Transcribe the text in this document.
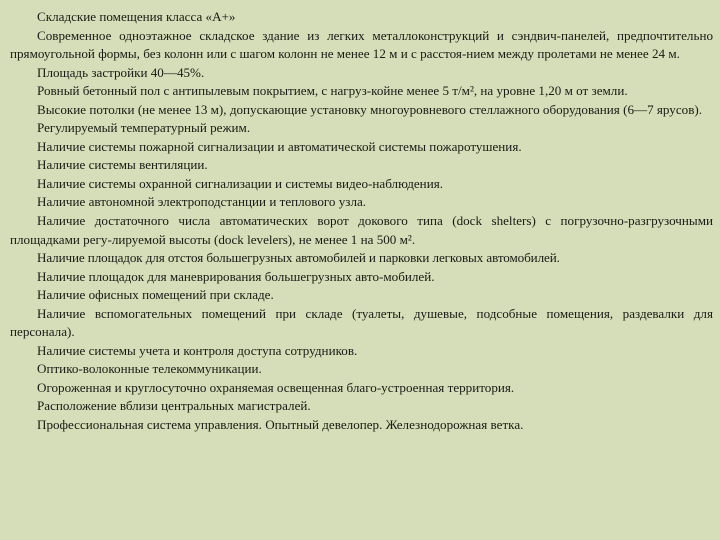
Складские помещения класса «А+»

Современное одноэтажное складское здание из легких металлоконструкций и сэндвич-панелей, предпочтительно прямоугольной формы, без колонн или с шагом колонн не менее 12 м и с расстоя-нием между пролетами не менее 24 м.

Площадь застройки 40—45%.

Ровный бетонный пол с антипылевым покрытием, с нагруз-койне менее 5 т/м², на уровне 1,20 м от земли.

Высокие потолки (не менее 13 м), допускающие установку многоуровневого стеллажного оборудования (6—7 ярусов).

Регулируемый температурный режим.

Наличие системы пожарной сигнализации и автоматической системы пожаротушения.

Наличие системы вентиляции.

Наличие системы охранной сигнализации и системы видео-наблюдения.

Наличие автономной электроподстанции и теплового узла.

Наличие достаточного числа автоматических ворот докового типа (dock shelters) с погрузочно-разгрузочными площадками регу-лируемой высоты (dock levelers), не менее 1 на 500 м².

Наличие площадок для отстоя большегрузных автомобилей и парковки легковых автомобилей.

Наличие площадок для маневрирования большегрузных авто-мобилей.

Наличие офисных помещений при складе.

Наличие вспомогательных помещений при складе (туалеты, душевые, подсобные помещения, раздевалки для персонала).

Наличие системы учета и контроля доступа сотрудников.

Оптико-волоконные телекоммуникации.

Огороженная и круглосуточно охраняемая освещенная благо-устроенная территория.

Расположение вблизи центральных магистралей.

Профессиональная система управления. Опытный девелопер. Железнодорожная ветка.
